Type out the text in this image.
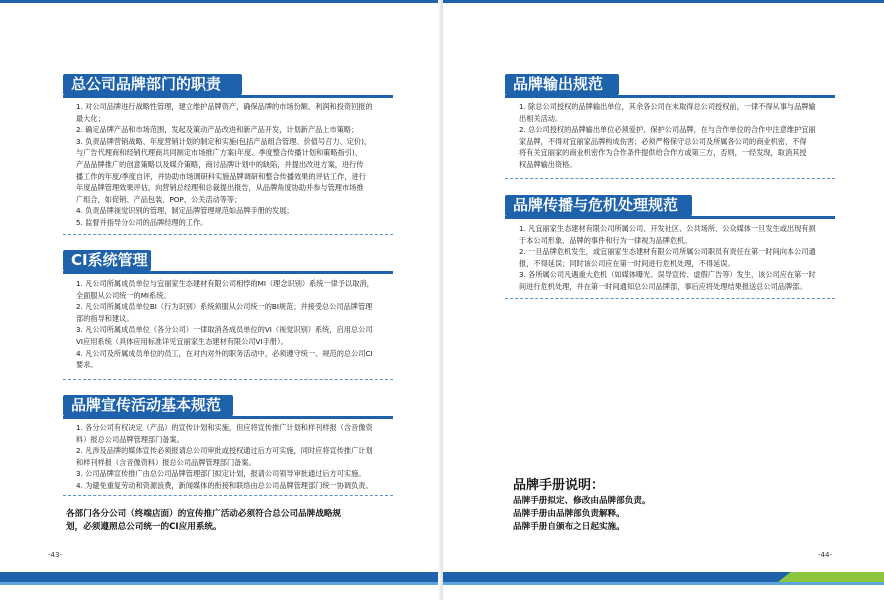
总公司品牌部门的职责
1. 对公司品牌进行战略性管理，建立维护品牌资产，确保品牌的市场份额、利润和投资回报的
最大化；
2. 确定品牌产品和市场范围，发起及策动产品改进和新产品开发，计划新产品上市策略；
3. 负责品牌营销战略、年度营销计划的制定和实施(包括产品组合管理、价值号召力、定价)，
与广告代理商和经销代理商共同制定市场推广方案(年度、季度整合传播计划和策略指引)、
产品品牌推广的创意策略以及媒介策略，商讨品牌计划中的缺陷，并提出改进方案，进行传
播工作的年度/季度自评，并协助市场调研科实施品牌调研和整合传播效果的评估工作，进行
年度品牌管理效果评估，向营销总经理和总裁提出报告，从品牌角度协助并参与管理市场推
广组合，如促销、产品包装、POP、公关活动等等；
4. 负责品牌视觉识别的管理，制定品牌管理规范如品牌手册的发展；
5. 监督并指导分公司的品牌经理的工作。
CI系统管理
1. 凡公司所属成员单位与宜丽家生态建材有限公司相悖的MI（理念识别）系统一律予以取消，
全面服从公司统一的MI系统。
2. 凡公司所属成员单位BI（行为识别）系统须服从公司统一的BI规范；并接受总公司品牌管理
部的指导和建议。
3. 凡公司所属成员单位（各分公司）一律取消各成员单位的VI（视觉识别）系统，启用总公司
VI应用系统（具体应用标准详见宜丽家生态建材有限公司VI手册）。
4. 凡公司及所属成员单位的员工，在对内对外的职务活动中，必须遵守统一、规范的总公司CI
要求。
品牌宣传活动基本规范
1. 各分公司有权决定（产品）的宣传计划和实施，但应将宣传推广计划和样刊样报（含音像资
料）报总公司品牌管理部门备案。
2. 凡涉及品牌的媒体宣传必须报请总公司审批或授权通过后方可实施，同时应将宣传推广计划
和样刊样报（含音像资料）报总公司品牌管理部门备案。
3. 公司品牌宣传推广由总公司品牌管理部门拟定计划，报请公司领导审批通过后方可实施。
4. 为避免重复劳动和资源浪费，新闻媒体的衔接和联络由总公司品牌管理部门统一协调负责。
各部门各分公司（终端店面）的宣传推广活动必须符合总公司品牌战略规
划，必须遵照总公司统一的CI应用系统。
-43-
品牌输出规范
1. 除总公司授权的品牌输出单位，其余各公司在未取得总公司授权前，一律不得从事与品牌输
出相关活动。
2. 总公司授权的品牌输出单位必须爱护、保护公司品牌，在与合作单位的合作中注意维护宜丽
家品牌，不得对宜丽家品牌构成伤害；必须严格保守总公司及所属各公司的商业机密，不得
将有关宜丽家的商业机密作为合作条件提供给合作方或第三方，否则，一经发现，取消其授
权品牌输出资格。
品牌传播与危机处理规范
1. 凡宜丽家生态建材有限公司所属公司、开发社区、公共场所、公众媒体一旦发生或出现有损
于本公司形象、品牌的事件和行为一律视为品牌危机。
2. 一旦品牌危机发生，或宜丽家生态建材有限公司所属公司职员有责任在第一时间向本公司通
报，不得延误；同时该公司应在第一时间进行危机处理，不得延误。
3. 各所属公司凡遇重大危机（如媒体曝光、误导宣传、虚假广告等）发生，该公司应在第一时
间进行危机处理，并在第一时间通知总公司品牌部，事后应将处理结果报送总公司品牌部。
品牌手册说明：
品牌手册拟定、修改由品牌部负责。
品牌手册由品牌部负责解释。
品牌手册自颁布之日起实施。
-44-
